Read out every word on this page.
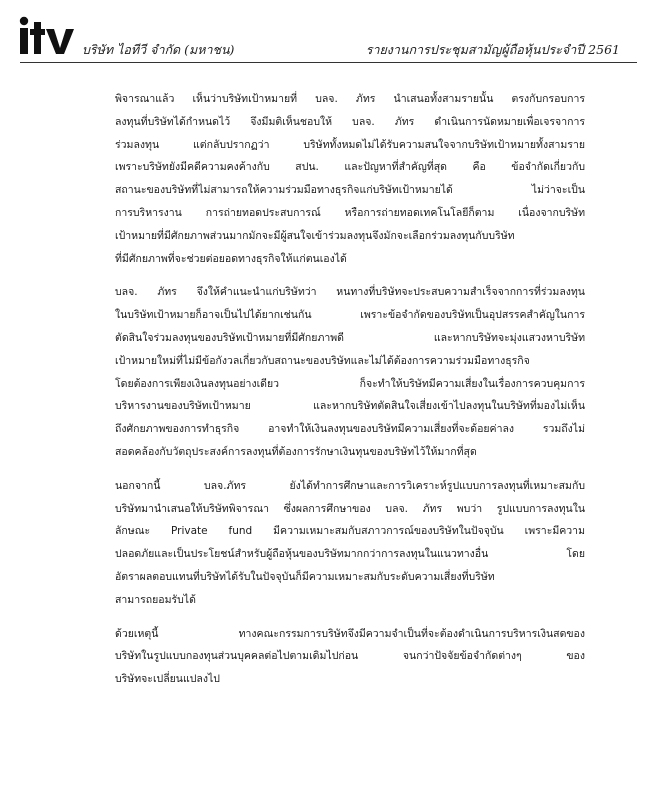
บริษัท ไอทีวี จำกัด (มหาชน)	รายงานการประชุมสามัญผู้ถือหุ้นประจำปี 2561
พิจารณาแล้ว เห็นว่าบริษัทเป้าหมายที่ บลจ. ภัทร นำเสนอทั้งสามรายนั้น ตรงกับกรอบการ
ลงทุนที่บริษัทได้กำหนดไว้ จึงมีมติเห็นชอบให้ บลจ. ภัทร ดำเนินการนัดหมายเพื่อเจรจาการ
ร่วมลงทุน แต่กลับปรากฏว่า บริษัททั้งหมดไม่ได้รับความสนใจจากบริษัทเป้าหมายทั้งสามราย
เพราะบริษัทยังมีคดีความคงค้างกับ สปน. และปัญหาที่สำคัญที่สุด คือ ข้อจำกัดเกี่ยวกับ
สถานะของบริษัทที่ไม่สามารถให้ความร่วมมือทางธุรกิจแก่บริษัทเป้าหมายได้ ไม่ว่าจะเป็น
การบริหารงาน การถ่ายทอดประสบการณ์ หรือการถ่ายทอดเทคโนโลยีก็ตาม เนื่องจากบริษัท
เป้าหมายที่มีศักยภาพส่วนมากมักจะมีผู้สนใจเข้าร่วมลงทุนจึงมักจะเลือกร่วมลงทุนกับบริษัท
ที่มีศักยภาพที่จะช่วยต่อยอดทางธุรกิจให้แก่ตนเองได้
บลจ. ภัทร จึงให้คำแนะนำแก่บริษัทว่า หนทางที่บริษัทจะประสบความสำเร็จจากการที่ร่วมลงทุน
ในบริษัทเป้าหมายก็อาจเป็นไปได้ยากเช่นกัน เพราะข้อจำกัดของบริษัทเป็นอุปสรรคสำคัญในการ
ตัดสินใจร่วมลงทุนของบริษัทเป้าหมายที่มีศักยภาพดี และหากบริษัทจะมุ่งแสวงหาบริษัท
เป้าหมายใหม่ที่ไม่มีข้อกังวลเกี่ยวกับสถานะของบริษัทและไม่ได้ต้องการความร่วมมือทางธุรกิจ
โดยต้องการเพียงเงินลงทุนอย่างเดียว ก็จะทำให้บริษัทมีความเสี่ยงในเรื่องการควบคุมการ
บริหารงานของบริษัทเป้าหมาย และหากบริษัทตัดสินใจเสี่ยงเข้าไปลงทุนในบริษัทที่มองไม่เห็น
ถึงศักยภาพของการทำธุรกิจ อาจทำให้เงินลงทุนของบริษัทมีความเสี่ยงที่จะด้อยค่าลง รวมถึงไม่
สอดคล้องกับวัตถุประสงค์การลงทุนที่ต้องการรักษาเงินทุนของบริษัทไว้ให้มากที่สุด
นอกจากนี้ บลจ.ภัทร ยังได้ทำการศึกษาและการวิเคราะห์รูปแบบการลงทุนที่เหมาะสมกับ
บริษัทมานำเสนอให้บริษัทพิจารณา ซึ่งผลการศึกษาของ บลจ. ภัทร พบว่า รูปแบบการลงทุนใน
ลักษณะ Private fund มีความเหมาะสมกับสภาวการณ์ของบริษัทในปัจจุบัน เพราะมีความ
ปลอดภัยและเป็นประโยชน์สำหรับผู้ถือหุ้นของบริษัทมากกว่าการลงทุนในแนวทางอื่น โดย
อัตราผลตอบแทนที่บริษัทได้รับในปัจจุบันก็มีความเหมาะสมกับระดับความเสี่ยงที่บริษัท
สามารถยอมรับได้
ด้วยเหตุนี้ ทางคณะกรรมการบริษัทจึงมีความจำเป็นที่จะต้องดำเนินการบริหารเงินสดของ
บริษัทในรูปแบบกองทุนส่วนบุคคลต่อไปตามเดิมไปก่อน จนกว่าปัจจัยข้อจำกัดต่างๆ ของ
บริษัทจะเปลี่ยนแปลงไป
